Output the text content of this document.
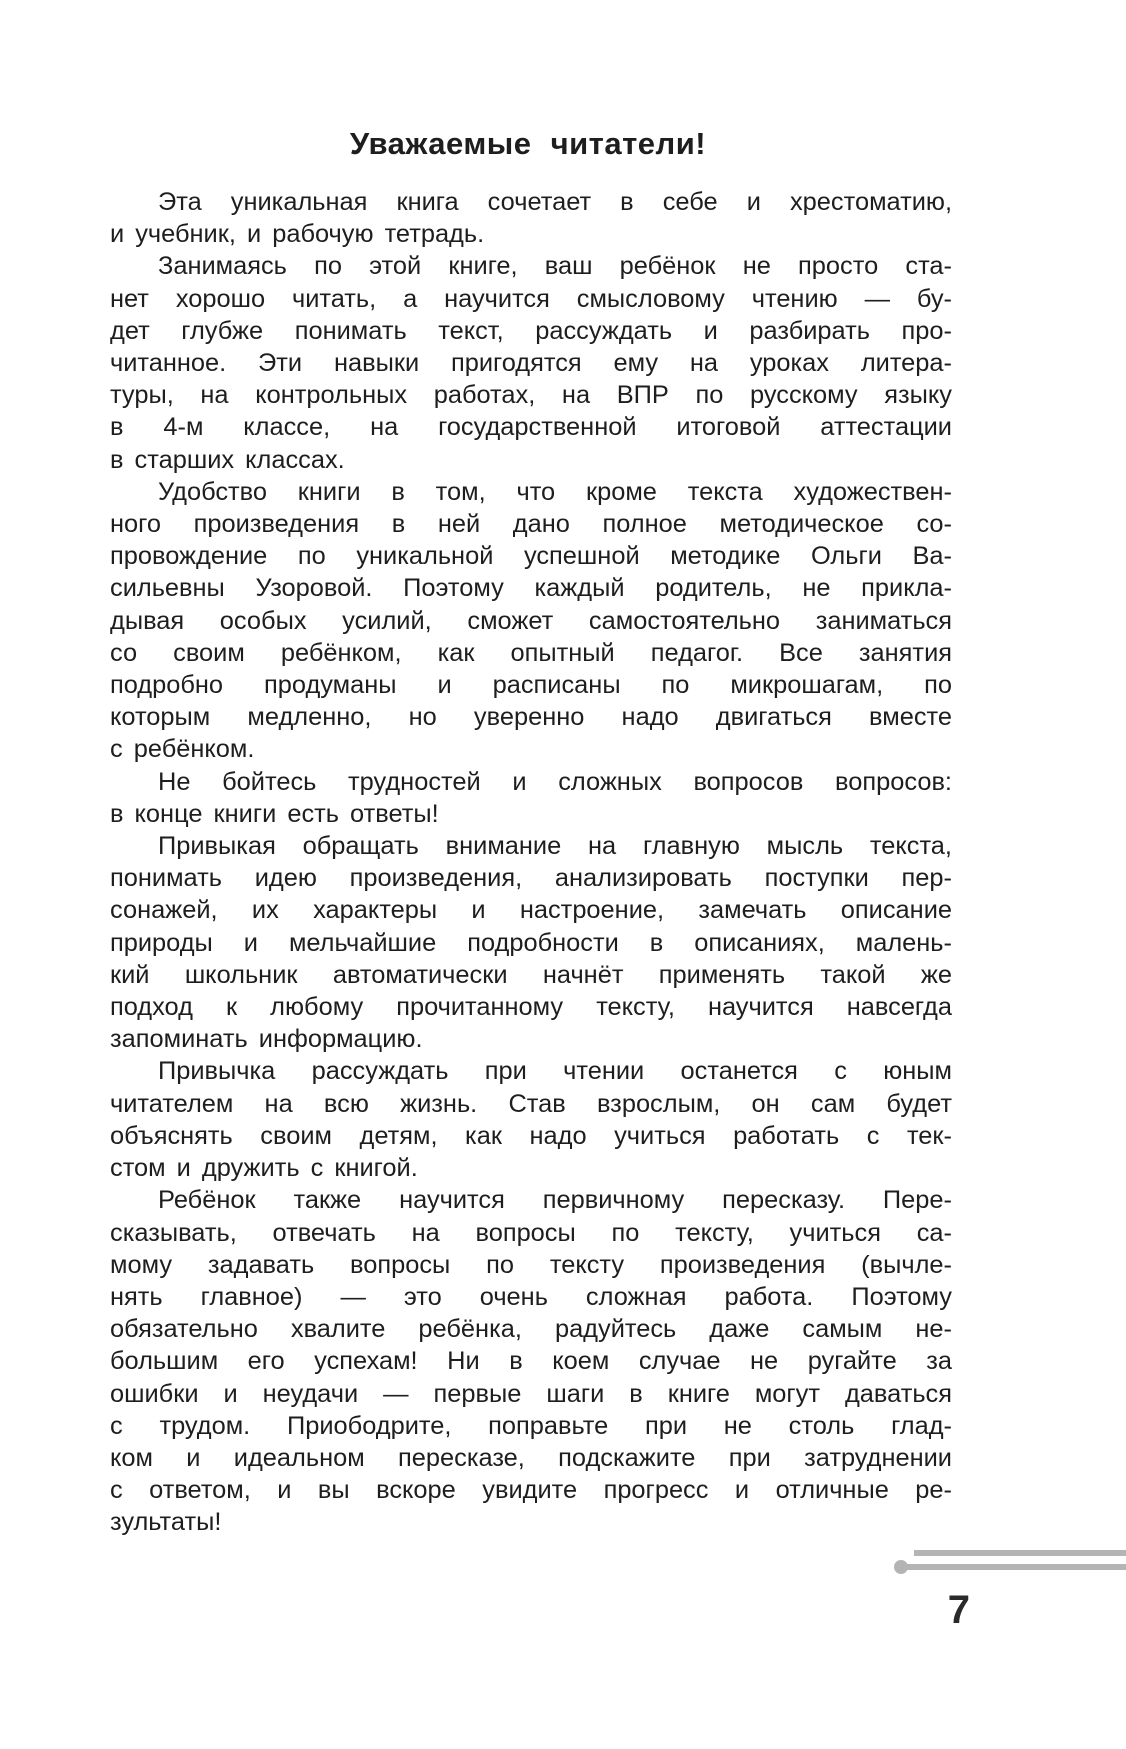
Уважаемые читатели!

Эта уникальная книга сочетает в себе и хрестоматию,
и учебник, и рабочую тетрадь.

Занимаясь по этой книге, ваш ребёнок не просто ста-
нет хорошо читать, а научится смысловому чтению — бу-
дет глубже понимать текст, рассуждать и разбирать про-
читанное. Эти навыки пригодятся ему на уроках литера-
туры, на контрольных работах, на ВПР по русскому языку
в 4-м классе, на государственной итоговой аттестации
в старших классах.

Удобство книги в том, что кроме текста художествен-
ного произведения в ней дано полное методическое со-
провождение по уникальной успешной методике Ольги Ва-
сильевны Узоровой. Поэтому каждый родитель, не прикла-
дывая особых усилий, сможет самостоятельно заниматься
со своим ребёнком, как опытный педагог. Все занятия
подробно продуманы и расписаны по микрошагам, по
которым медленно, но уверенно надо двигаться вместе
с ребёнком.

Не бойтесь трудностей и сложных вопросов вопросов:
в конце книги есть ответы!

Привыкая обращать внимание на главную мысль текста,
понимать идею произведения, анализировать поступки пер-
сонажей, их характеры и настроение, замечать описание
природы и мельчайшие подробности в описаниях, малень-
кий школьник автоматически начнёт применять такой же
подход к любому прочитанному тексту, научится навсегда
запоминать информацию.

Привычка рассуждать при чтении останется с юным
читателем на всю жизнь. Став взрослым, он сам будет
объяснять своим детям, как надо учиться работать с тек-
стом и дружить с книгой.

Ребёнок также научится первичному пересказу. Пере-
сказывать, отвечать на вопросы по тексту, учиться са-
мому задавать вопросы по тексту произведения (вычле-
нять главное) — это очень сложная работа. Поэтому
обязательно хвалите ребёнка, радуйтесь даже самым не-
большим его успехам! Ни в коем случае не ругайте за
ошибки и неудачи — первые шаги в книге могут даваться
с трудом. Приободрите, поправьте при не столь глад-
ком и идеальном пересказе, подскажите при затруднении
с ответом, и вы вскоре увидите прогресс и отличные ре-
зультаты!

7
